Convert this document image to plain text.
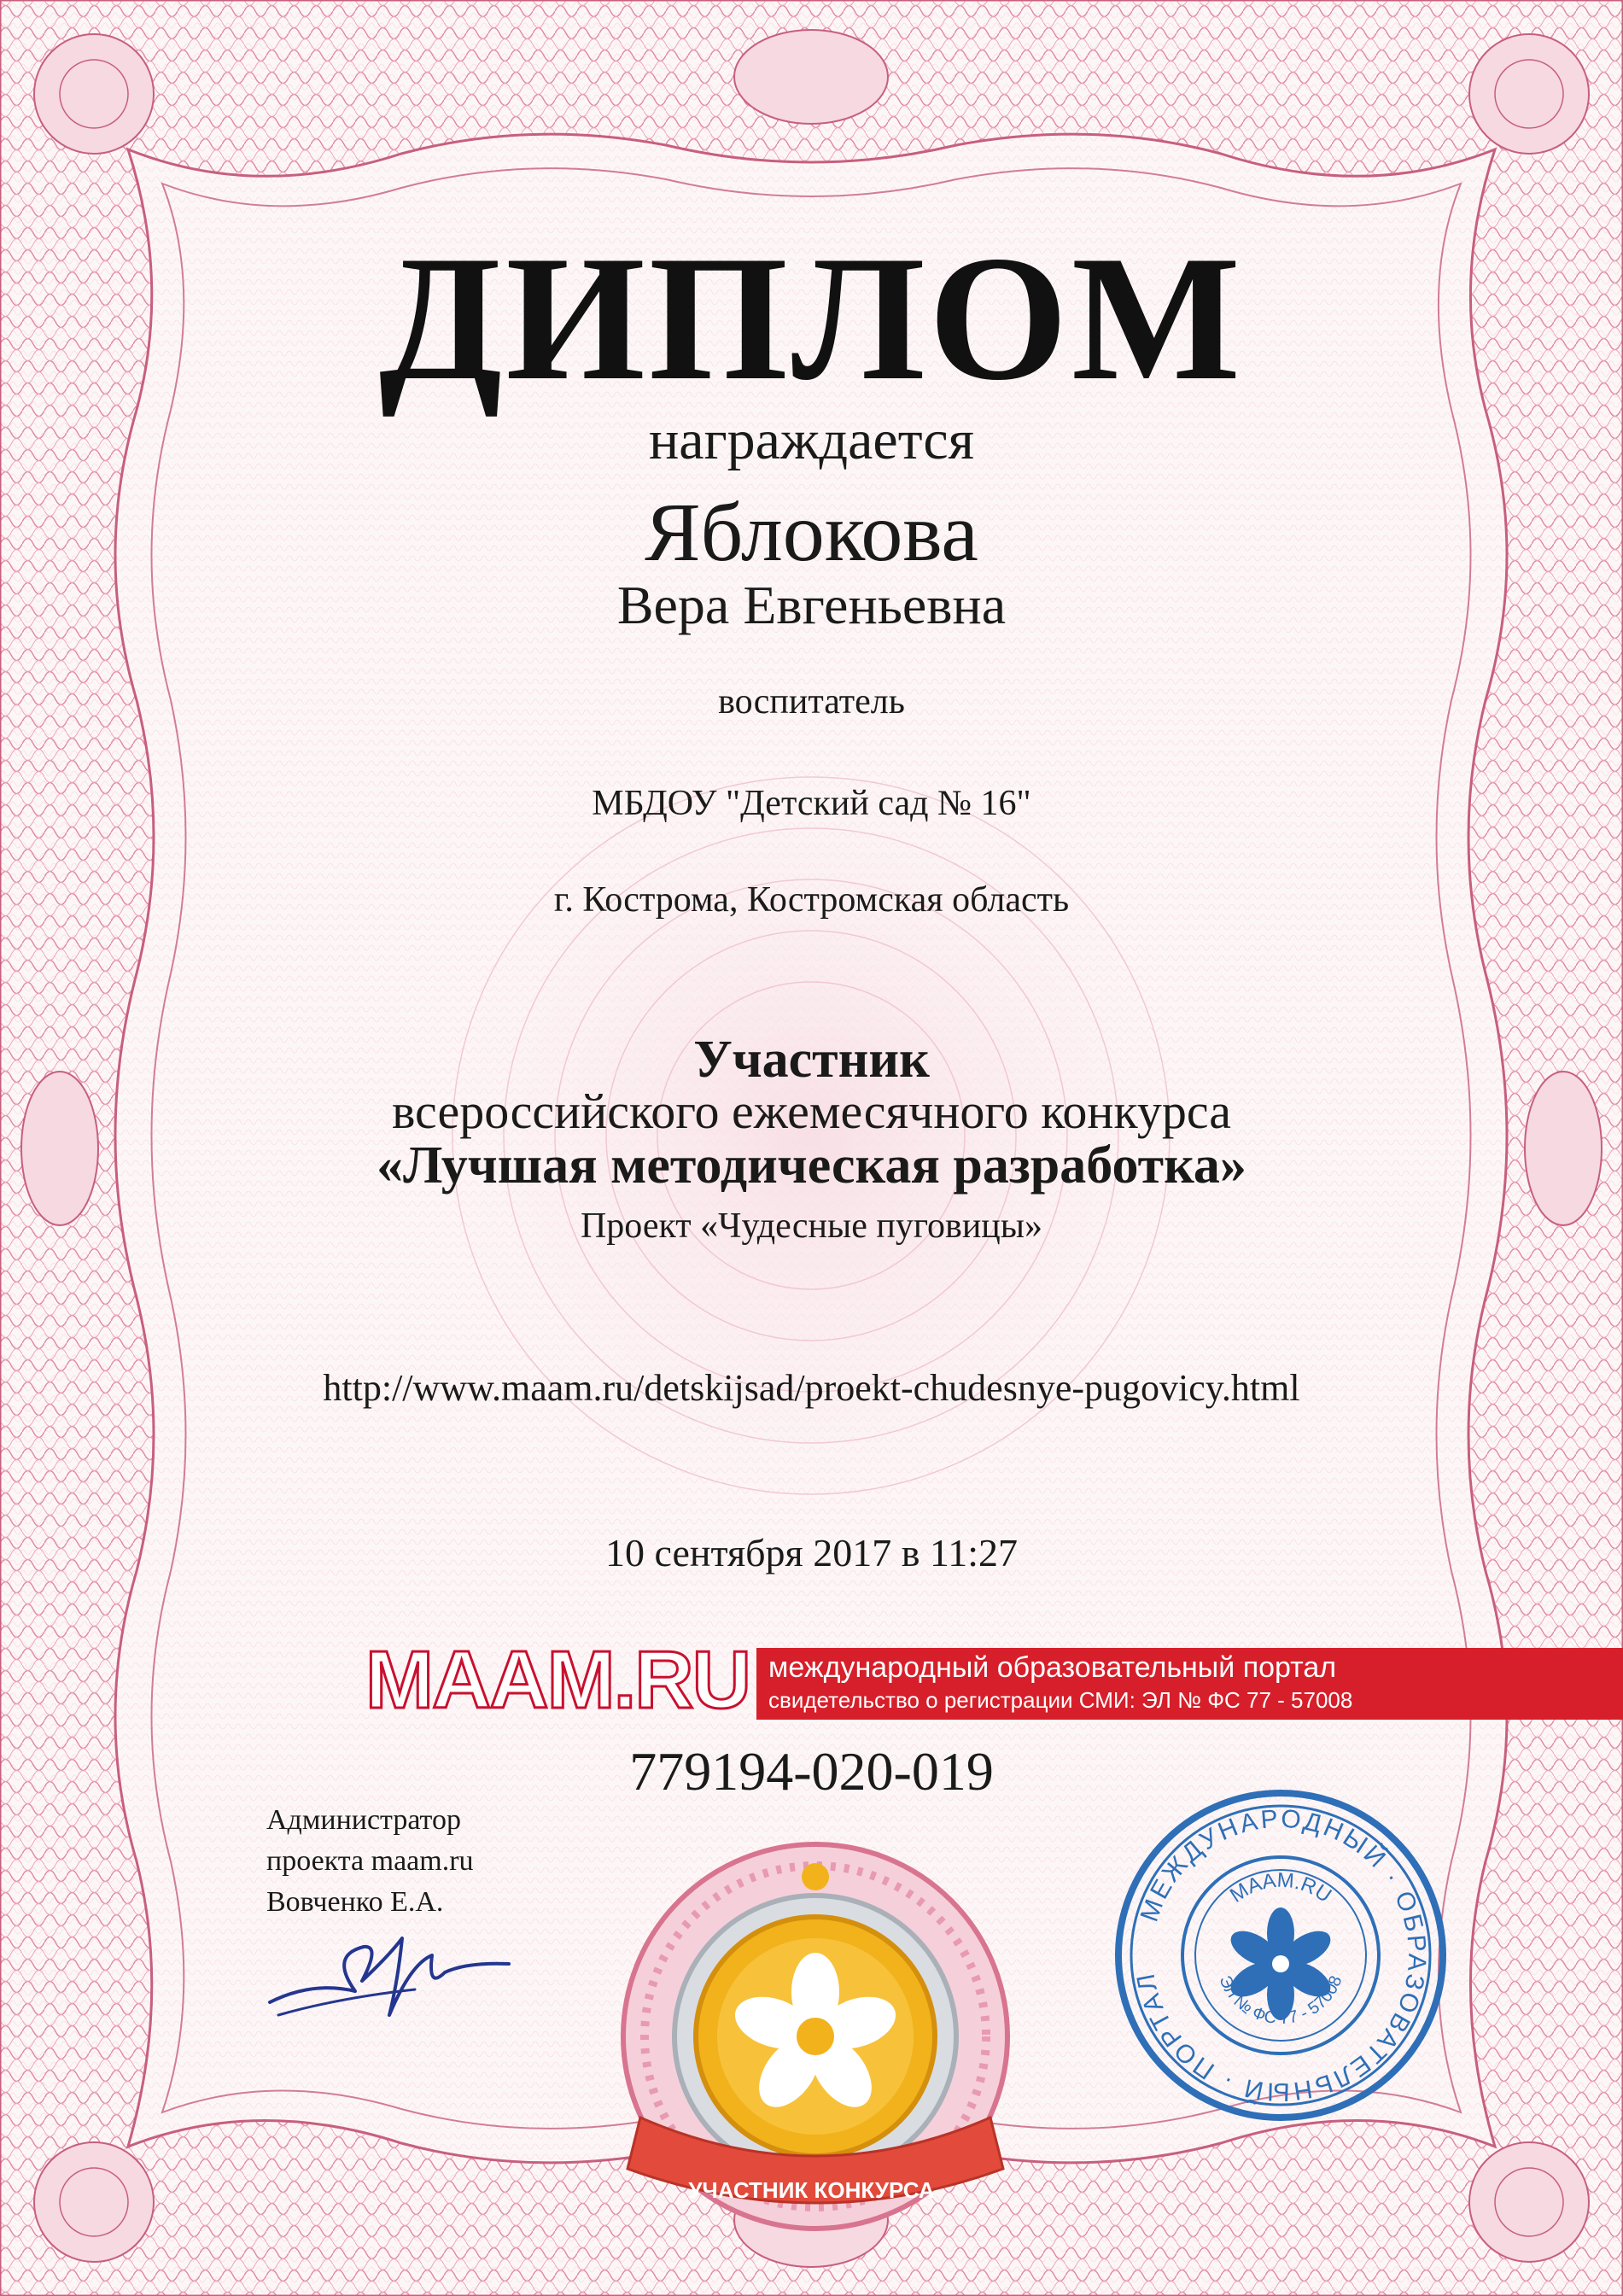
ДИПЛОМ
награждается
Яблокова
Вера Евгеньевна
воспитатель
МБДОУ "Детский сад № 16"
г. Кострома, Костромская область
Участник
всероссийского ежемесячного конкурса
«Лучшая методическая разработка»
Проект «Чудесные пуговицы»
http://www.maam.ru/detskijsad/proekt-chudesnye-pugovicy.html
10 сентября 2017 в 11:27
MAAM.RU международный образовательный портал
свидетельство о регистрации СМИ: ЭЛ № ФС 77 - 57008
779194-020-019
Администратор
проекта maam.ru
Вовченко Е.А.
УЧАСТНИК КОНКУРСА
МЕЖДУНАРОДНЫЙ · ОБРАЗОВАТЕЛЬНЫЙ · ПОРТАЛ
MAAM.RU
ЭЛ № ФС 77 - 57008
